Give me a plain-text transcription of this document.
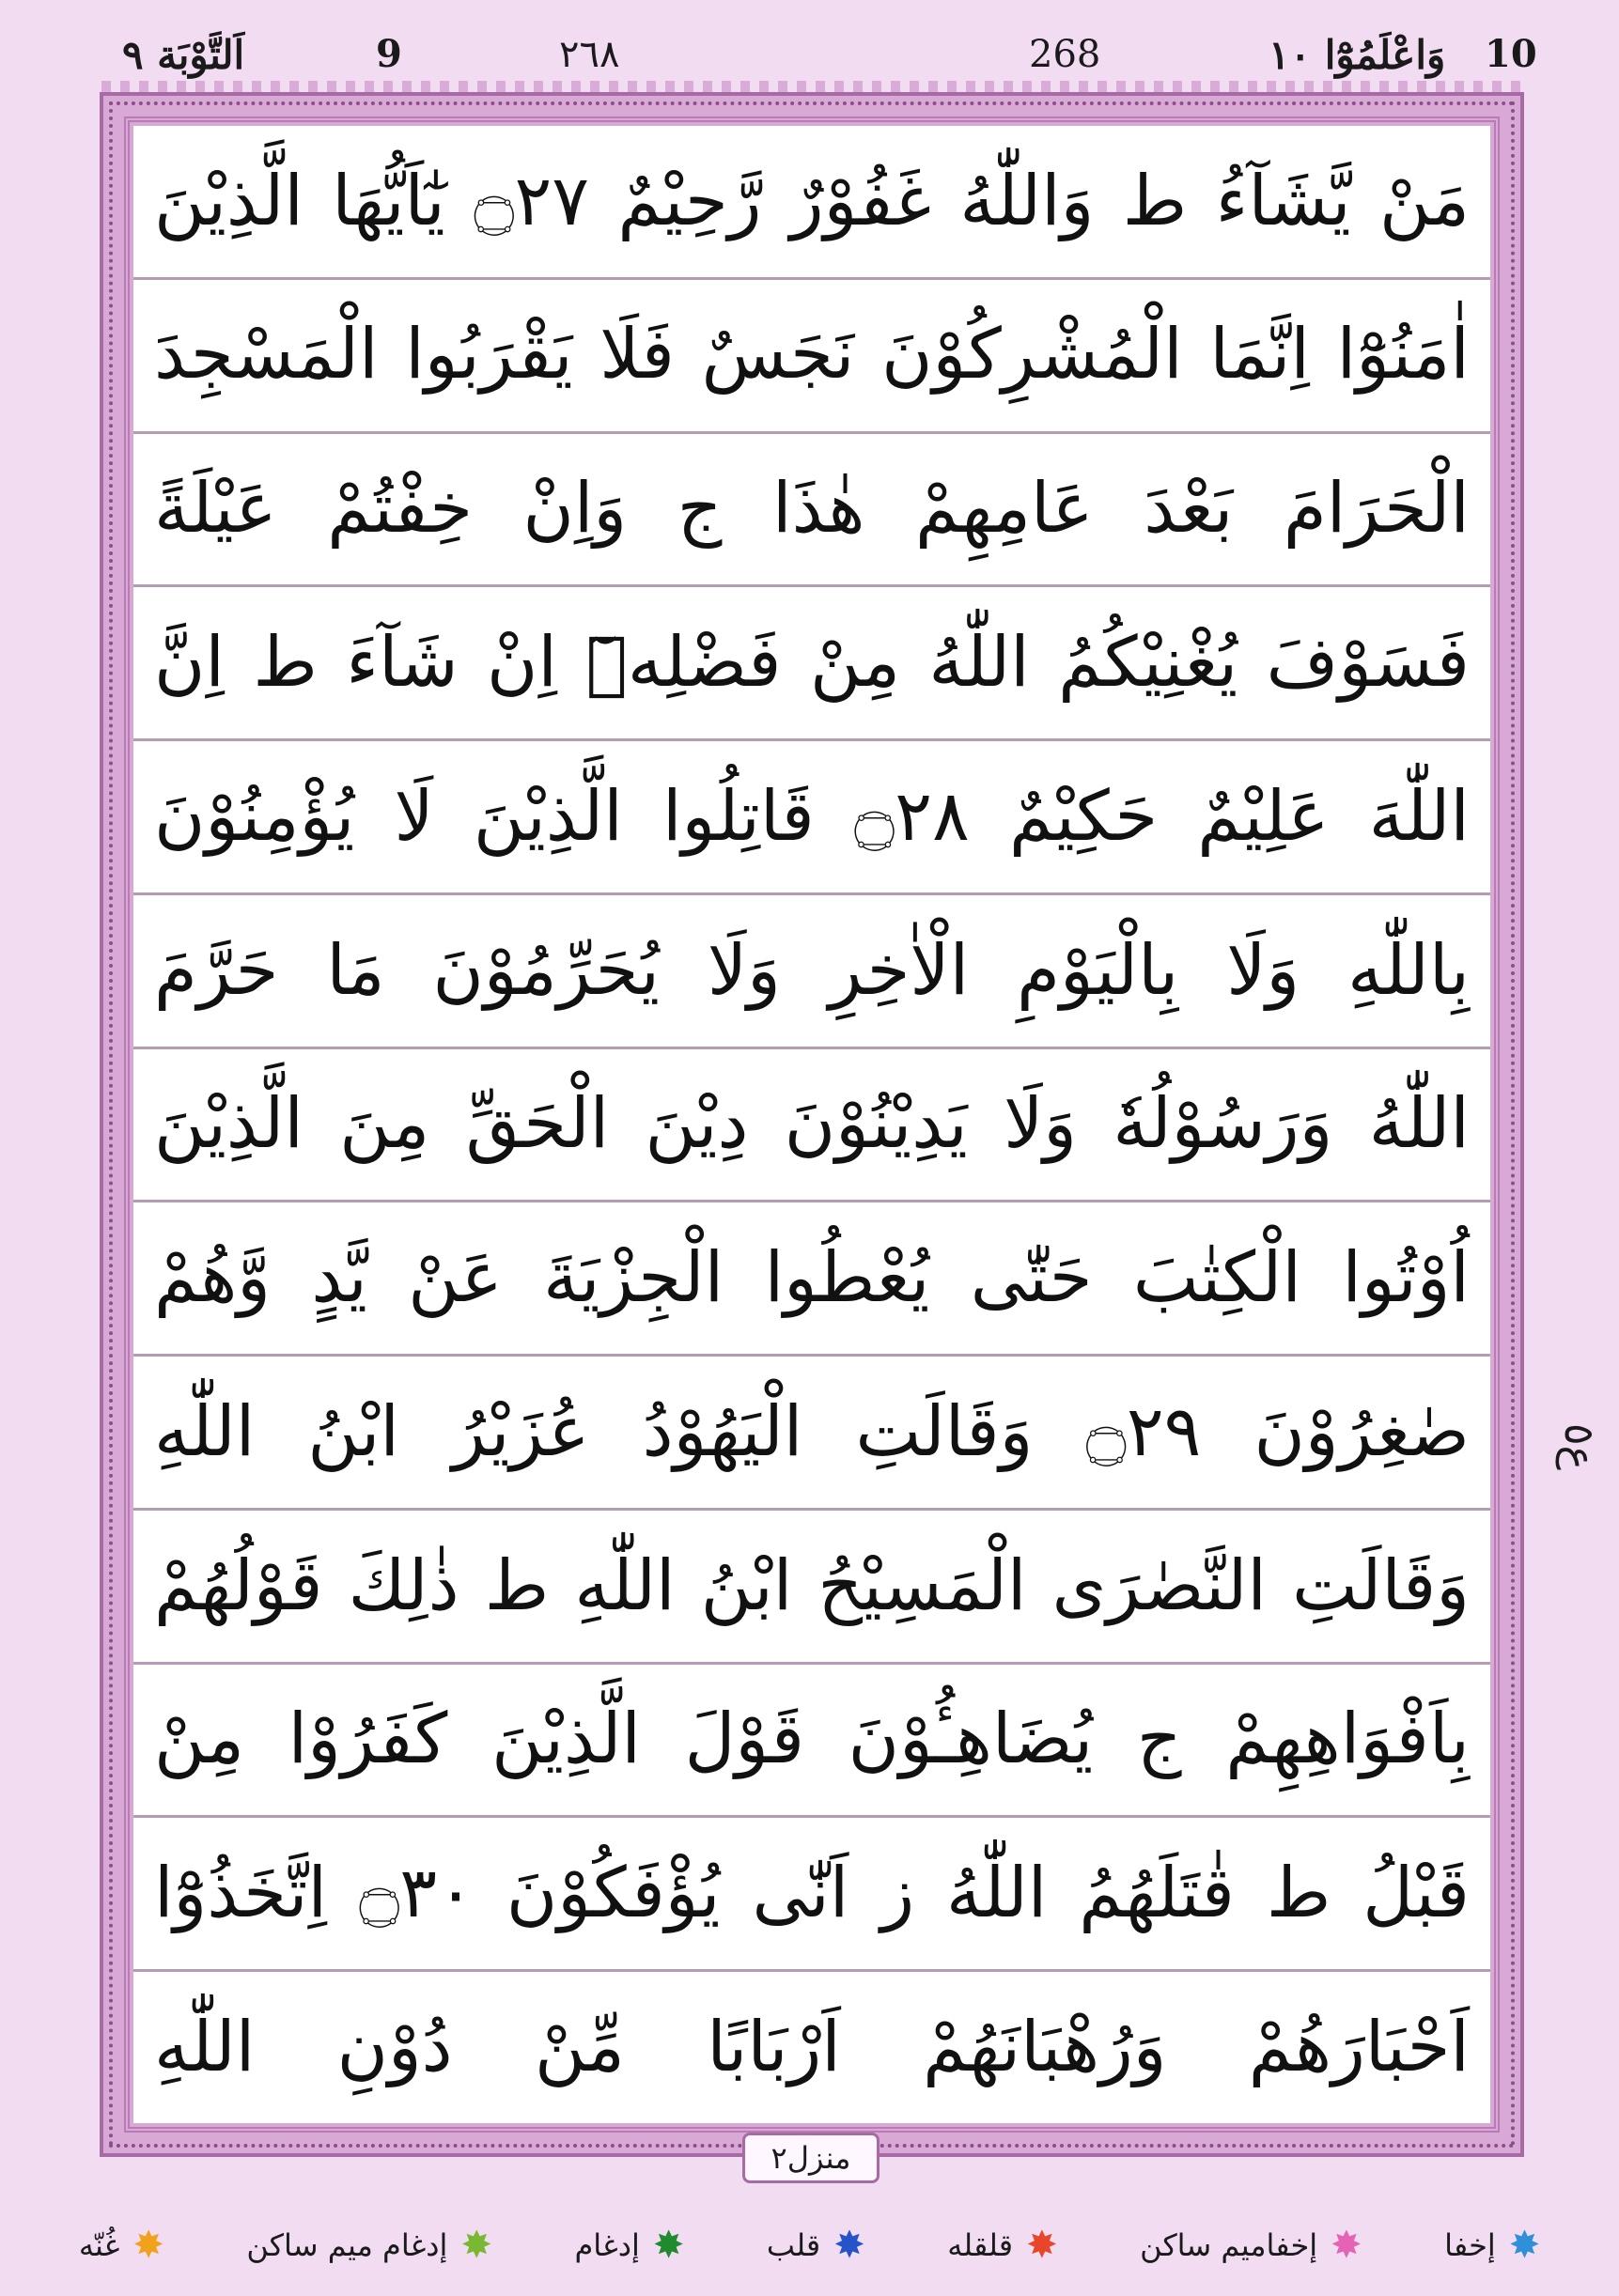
10
وَاعْلَمُوْٓا ١٠
268
٢٦٨
9
اَلتَّوْبَة ٩
مَنْ يَّشَآءُ ط وَاللّٰهُ غَفُوْرٌ رَّحِيْمٌ ۝٢٧ يٰٓاَيُّهَا الَّذِيْنَ
اٰمَنُوْٓا اِنَّمَا الْمُشْرِكُوْنَ نَجَسٌ فَلَا يَقْرَبُوا الْمَسْجِدَ
الْحَرَامَ بَعْدَ عَامِهِمْ هٰذَا ج وَاِنْ خِفْتُمْ عَيْلَةً
فَسَوْفَ يُغْنِيْكُمُ اللّٰهُ مِنْ فَضْلِهٖٓ اِنْ شَآءَ ط اِنَّ
اللّٰهَ عَلِيْمٌ حَكِيْمٌ ۝٢٨ قَاتِلُوا الَّذِيْنَ لَا يُؤْمِنُوْنَ
بِاللّٰهِ وَلَا بِالْيَوْمِ الْاٰخِرِ وَلَا يُحَرِّمُوْنَ مَا حَرَّمَ
اللّٰهُ وَرَسُوْلُهٗ وَلَا يَدِيْنُوْنَ دِيْنَ الْحَقِّ مِنَ الَّذِيْنَ
اُوْتُوا الْكِتٰبَ حَتّٰى يُعْطُوا الْجِزْيَةَ عَنْ يَّدٍ وَّهُمْ
صٰغِرُوْنَ ۝٢٩ وَقَالَتِ الْيَهُوْدُ عُزَيْرُ ابْنُ اللّٰهِ
وَقَالَتِ النَّصٰرَى الْمَسِيْحُ ابْنُ اللّٰهِ ط ذٰلِكَ قَوْلُهُمْ
بِاَفْوَاهِهِمْ ج يُضَاهِـُٔوْنَ قَوْلَ الَّذِيْنَ كَفَرُوْا مِنْ
قَبْلُ ط قٰتَلَهُمُ اللّٰهُ ز اَنّٰى يُؤْفَكُوْنَ ۝٣٠ اِتَّخَذُوْٓا
اَحْبَارَهُمْ وَرُهْبَانَهُمْ اَرْبَابًا مِّنْ دُوْنِ اللّٰهِ
ع٥
منزل٢
✸
إخفا
✸
إخفاميم ساكن
✸
قلقله
✸
قلب
✸
إدغام
✸
إدغام ميم ساكن
✸
غُنّه
